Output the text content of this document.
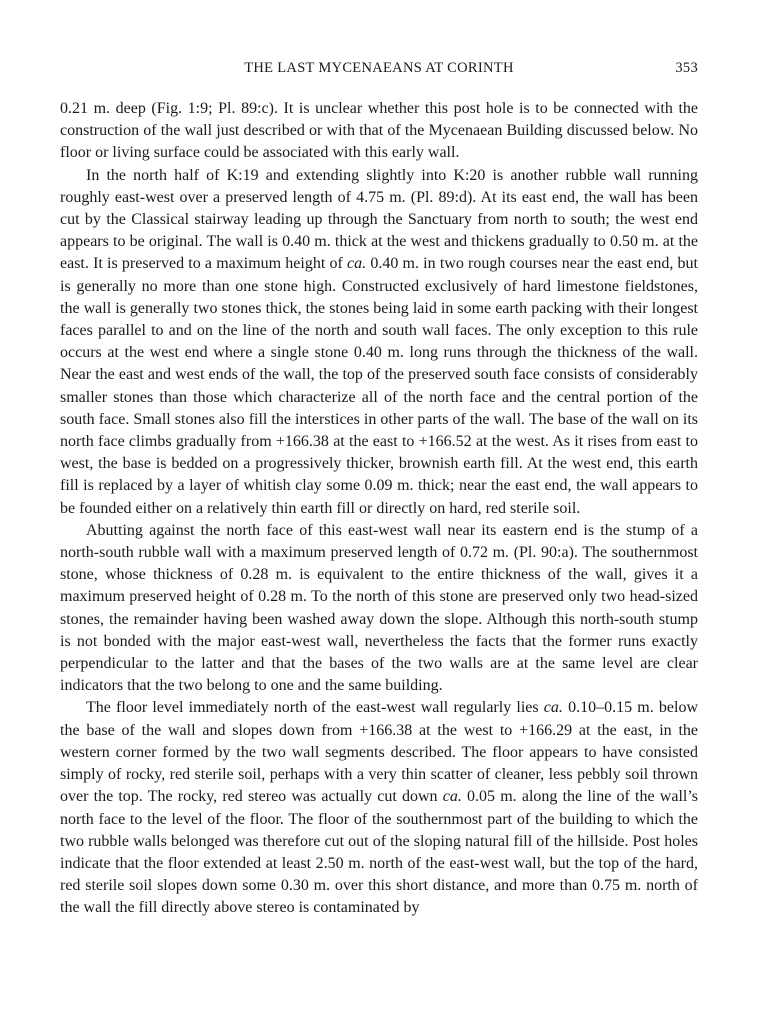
THE LAST MYCENAEANS AT CORINTH	353

0.21 m. deep (Fig. 1:9; Pl. 89:c). It is unclear whether this post hole is to be connected with the construction of the wall just described or with that of the Mycenaean Building discussed below. No floor or living surface could be associated with this early wall.

In the north half of K:19 and extending slightly into K:20 is another rubble wall running roughly east-west over a preserved length of 4.75 m. (Pl. 89:d). At its east end, the wall has been cut by the Classical stairway leading up through the Sanctuary from north to south; the west end appears to be original. The wall is 0.40 m. thick at the west and thickens gradually to 0.50 m. at the east. It is preserved to a maximum height of ca. 0.40 m. in two rough courses near the east end, but is generally no more than one stone high. Constructed exclusively of hard limestone fieldstones, the wall is generally two stones thick, the stones being laid in some earth packing with their longest faces parallel to and on the line of the north and south wall faces. The only exception to this rule occurs at the west end where a single stone 0.40 m. long runs through the thickness of the wall. Near the east and west ends of the wall, the top of the preserved south face consists of considerably smaller stones than those which characterize all of the north face and the central portion of the south face. Small stones also fill the interstices in other parts of the wall. The base of the wall on its north face climbs gradually from +166.38 at the east to +166.52 at the west. As it rises from east to west, the base is bedded on a progressively thicker, brownish earth fill. At the west end, this earth fill is replaced by a layer of whitish clay some 0.09 m. thick; near the east end, the wall appears to be founded either on a relatively thin earth fill or directly on hard, red sterile soil.

Abutting against the north face of this east-west wall near its eastern end is the stump of a north-south rubble wall with a maximum preserved length of 0.72 m. (Pl. 90:a). The southernmost stone, whose thickness of 0.28 m. is equivalent to the entire thickness of the wall, gives it a maximum preserved height of 0.28 m. To the north of this stone are preserved only two head-sized stones, the remainder having been washed away down the slope. Although this north-south stump is not bonded with the major east-west wall, nevertheless the facts that the former runs exactly perpendicular to the latter and that the bases of the two walls are at the same level are clear indicators that the two belong to one and the same building.

The floor level immediately north of the east-west wall regularly lies ca. 0.10–0.15 m. below the base of the wall and slopes down from +166.38 at the west to +166.29 at the east, in the western corner formed by the two wall segments described. The floor appears to have consisted simply of rocky, red sterile soil, perhaps with a very thin scatter of cleaner, less pebbly soil thrown over the top. The rocky, red stereo was actually cut down ca. 0.05 m. along the line of the wall’s north face to the level of the floor. The floor of the southernmost part of the building to which the two rubble walls belonged was therefore cut out of the sloping natural fill of the hillside. Post holes indicate that the floor extended at least 2.50 m. north of the east-west wall, but the top of the hard, red sterile soil slopes down some 0.30 m. over this short distance, and more than 0.75 m. north of the wall the fill directly above stereo is contaminated by
